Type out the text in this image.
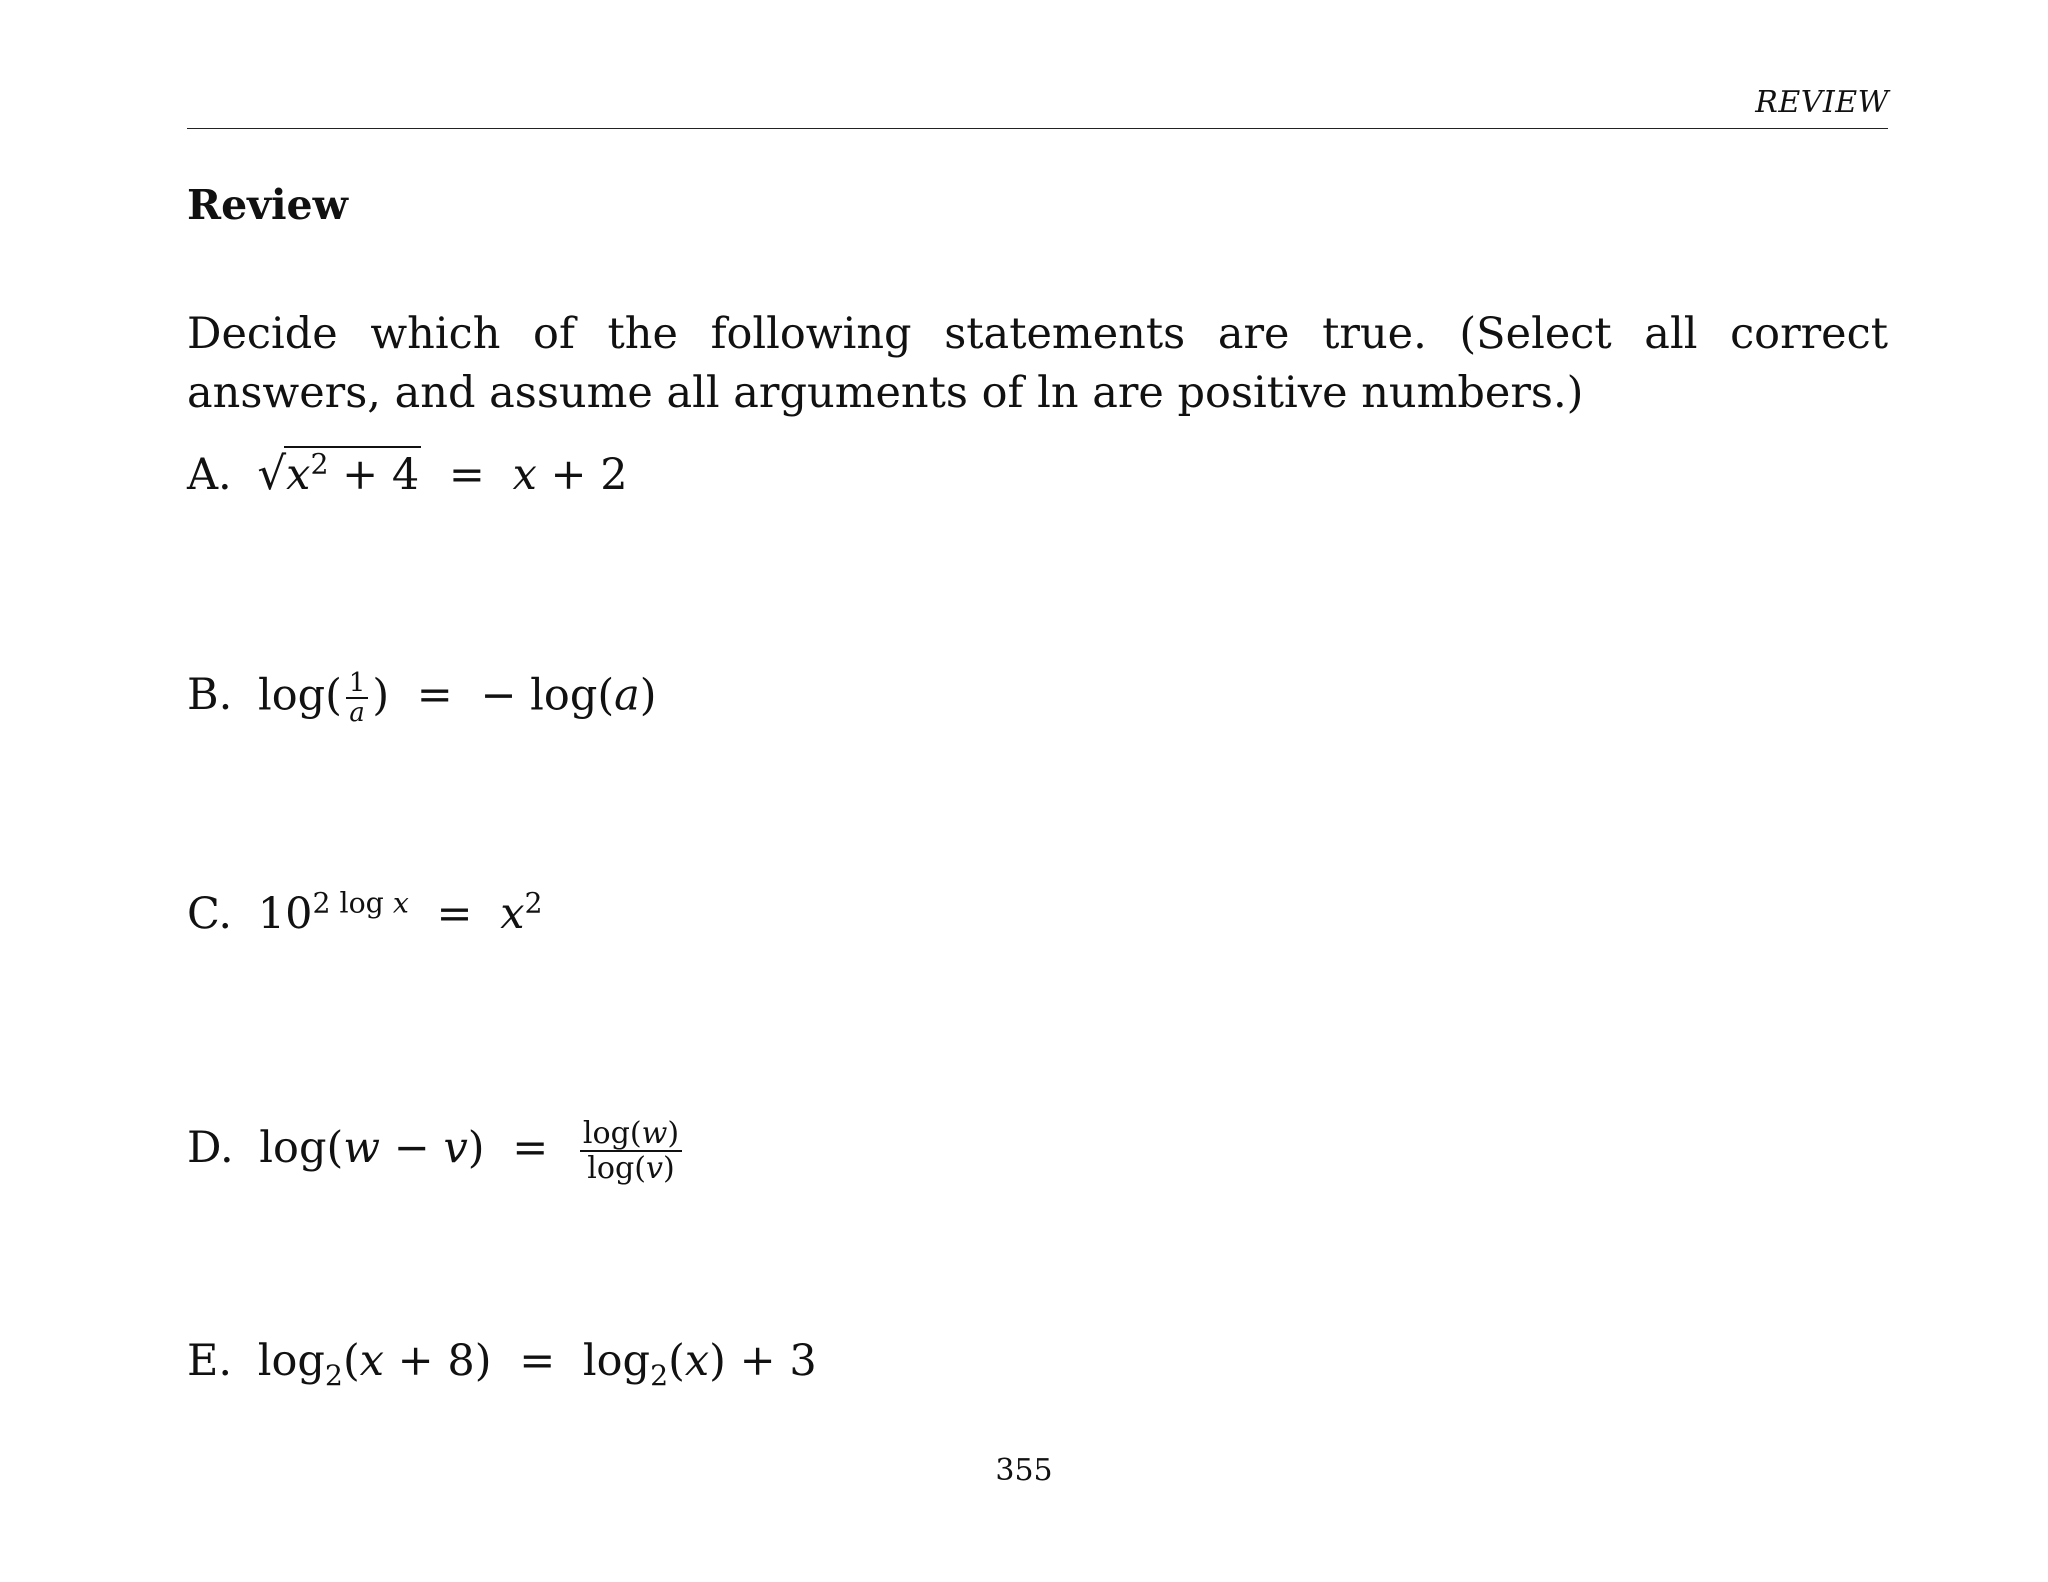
REVIEW
Review

Decide which of the following statements are true. (Select all correct answers, and assume all arguments of ln are positive numbers.)

A. $√x^2 + 4 = x + 2$
B. $\log( \frac{1}{a}$ ) = − log(a)
C. $10^{2 log x} = x^2$
D. $\log(w - v) = \frac{\log(w)}{\log(v)}$
E. $\log_2(x + 8) = \log_2(x) + 3$
355
